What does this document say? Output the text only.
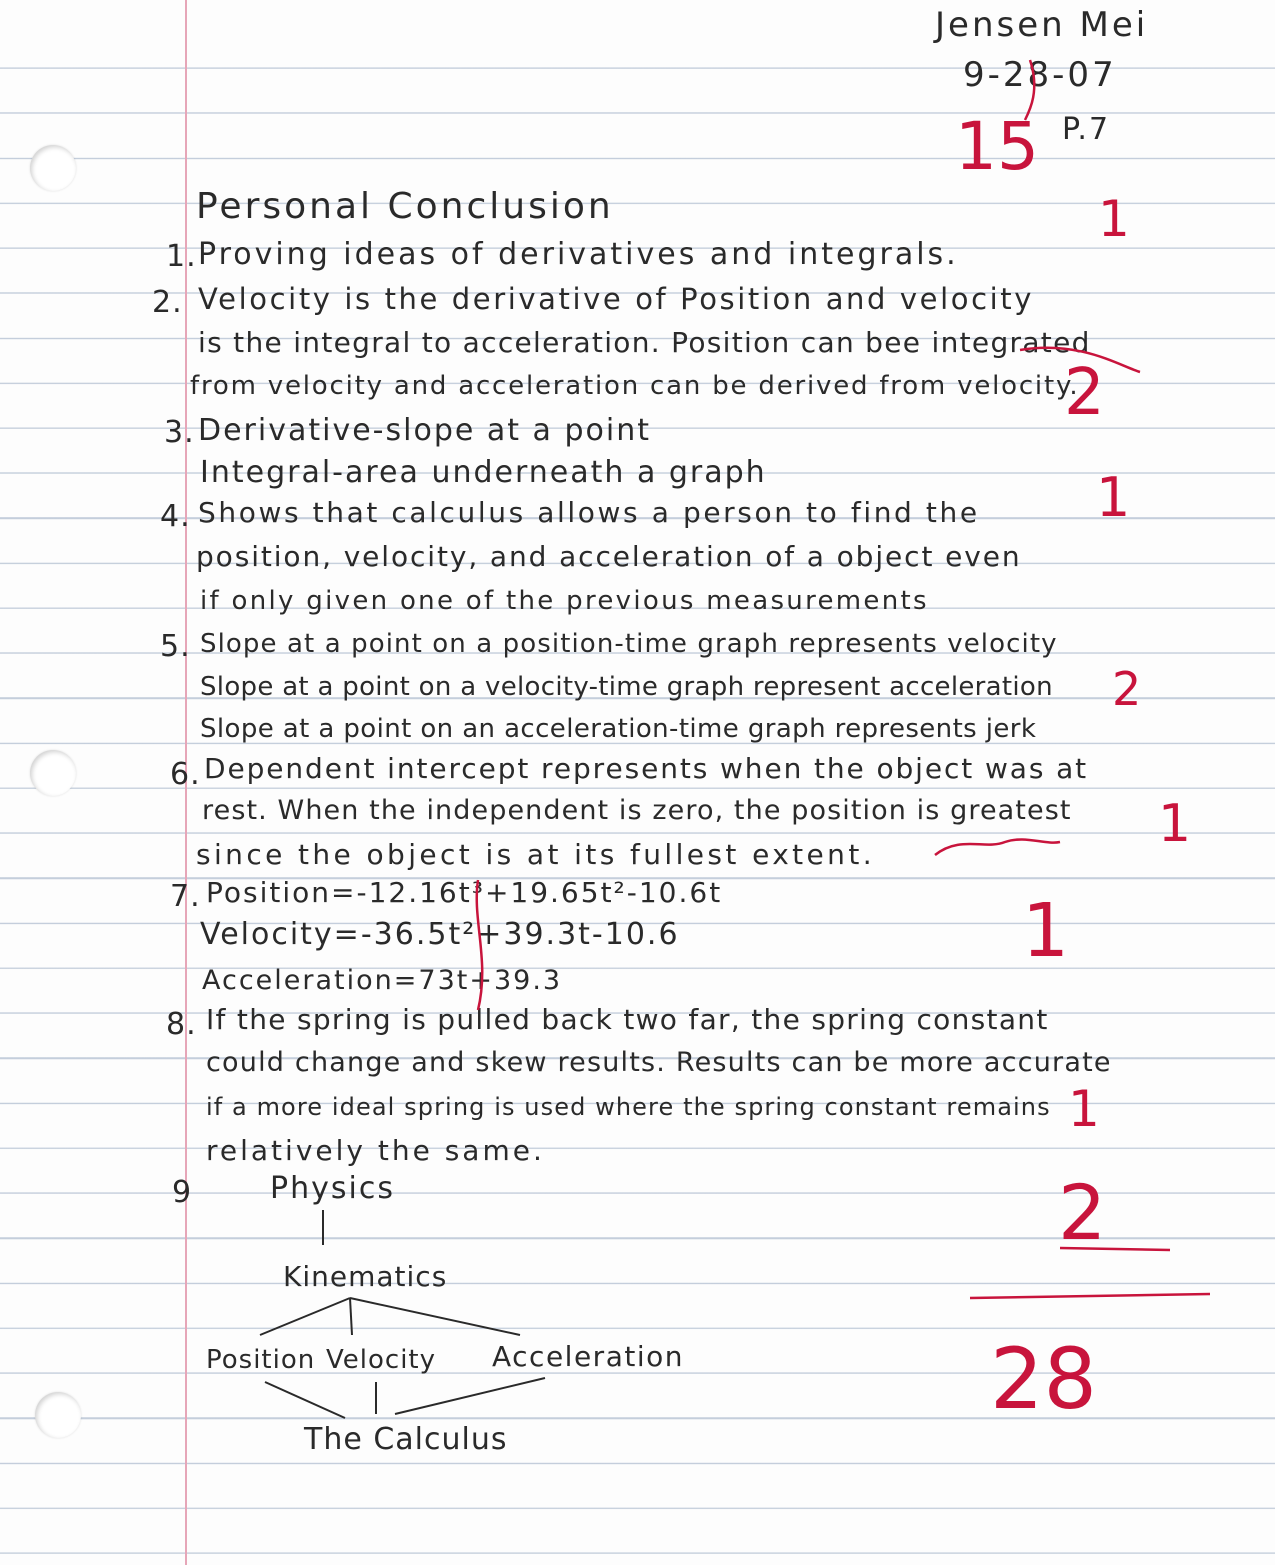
Jensen Mei
9-28-07
P.7
Personal Conclusion
1. Proving ideas of derivatives and integrals.
2. Velocity is the derivative of Position and velocity
is the integral to acceleration. Position can bee integrated
from velocity and acceleration can be derived from velocity.
3. Derivative-slope at a point
Integral-area underneath a graph
4. Shows that calculus allows a person to find the
position, velocity, and acceleration of a object even
if only given one of the previous measurements
5. Slope at a point on a position-time graph represents velocity
Slope at a point on a velocity-time graph represent acceleration
Slope at a point on an acceleration-time graph represents jerk
6. Dependent intercept represents when the object was at
rest. When the independent is zero, the position is greatest
since the object is at its fullest extent.
7. Position=-12.16t³+19.65t²-10.6t
Velocity=-36.5t²+39.3t-10.6
Acceleration=73t+39.3
8. If the spring is pulled back two far, the spring constant
could change and skew results. Results can be more accurate
if a more ideal spring is used where the spring constant remains
relatively the same.
9	Physics
Kinematics
Position Velocity Acceleration
The Calculus
15
1
2
1
2
1
1
1
2
28
